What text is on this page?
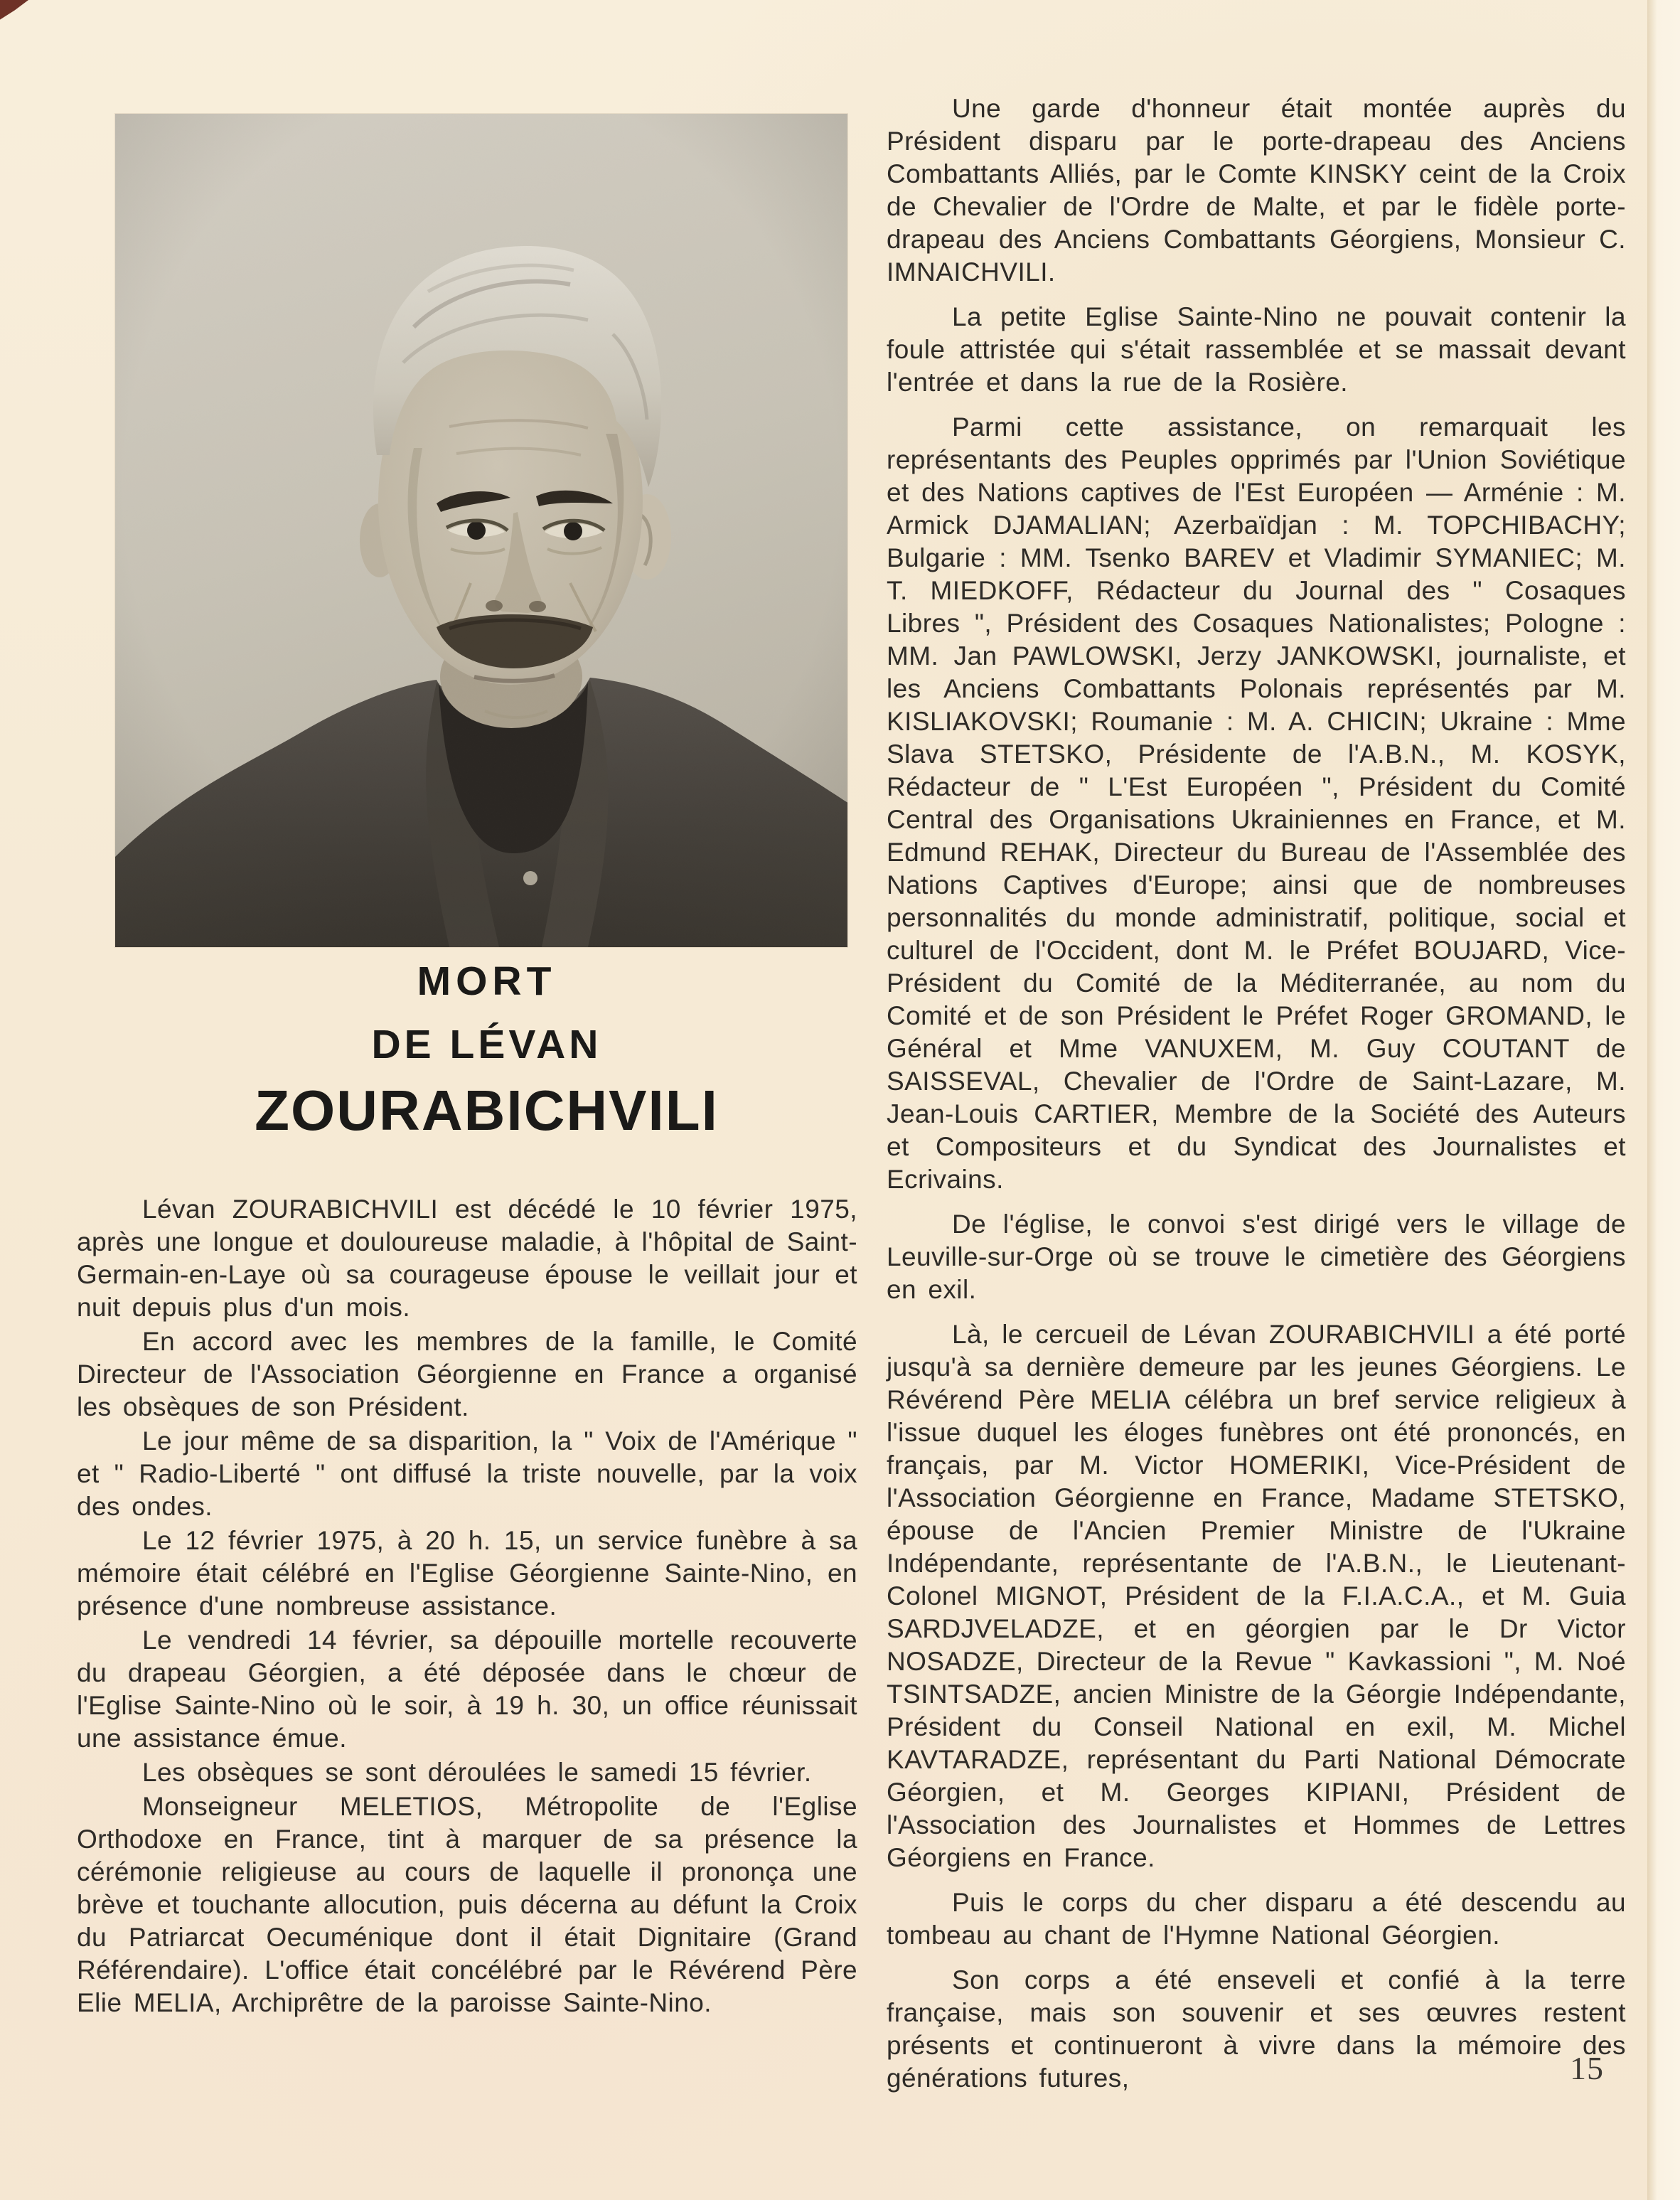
MORT
DE LÉVAN
ZOURABICHVILI

Lévan ZOURABICHVILI est décédé le 10 février 1975, après une longue et douloureuse maladie, à l'hôpital de Saint-Germain-en-Laye où sa courageuse épouse le veillait jour et nuit depuis plus d'un mois.

En accord avec les membres de la famille, le Comité Directeur de l'Association Géorgienne en France a organisé les obsèques de son Président.

Le jour même de sa disparition, la " Voix de l'Amérique " et " Radio-Liberté " ont diffusé la triste nouvelle, par la voix des ondes.

Le 12 février 1975, à 20 h. 15, un service funèbre à sa mémoire était célébré en l'Eglise Géorgienne Sainte-Nino, en présence d'une nombreuse assistance.

Le vendredi 14 février, sa dépouille mortelle recouverte du drapeau Géorgien, a été déposée dans le chœur de l'Eglise Sainte-Nino où le soir, à 19 h. 30, un office réunissait une assistance émue.

Les obsèques se sont déroulées le samedi 15 février.

Monseigneur MELETIOS, Métropolite de l'Eglise Orthodoxe en France, tint à marquer de sa présence la cérémonie religieuse au cours de laquelle il prononça une brève et touchante allocution, puis décerna au défunt la Croix du Patriarcat Oecuménique dont il était Dignitaire (Grand Référendaire). L'office était concélébré par le Révérend Père Elie MELIA, Archiprêtre de la paroisse Sainte-Nino.

Une garde d'honneur était montée auprès du Président disparu par le porte-drapeau des Anciens Combattants Alliés, par le Comte KINSKY ceint de la Croix de Chevalier de l'Ordre de Malte, et par le fidèle porte-drapeau des Anciens Combattants Géorgiens, Monsieur C. IMNAICHVILI.

La petite Eglise Sainte-Nino ne pouvait contenir la foule attristée qui s'était rassemblée et se massait devant l'entrée et dans la rue de la Rosière.

Parmi cette assistance, on remarquait les représentants des Peuples opprimés par l'Union Soviétique et des Nations captives de l'Est Européen — Arménie : M. Armick DJAMALIAN; Azerbaïdjan : M. TOPCHIBACHY; Bulgarie : MM. Tsenko BAREV et Vladimir SYMANIEC; M. T. MIEDKOFF, Rédacteur du Journal des " Cosaques Libres ", Président des Cosaques Nationalistes; Pologne : MM. Jan PAWLOWSKI, Jerzy JANKOWSKI, journaliste, et les Anciens Combattants Polonais représentés par M. KISLIAKOVSKI; Roumanie : M. A. CHICIN; Ukraine : Mme Slava STETSKO, Présidente de l'A.B.N., M. KOSYK, Rédacteur de " L'Est Européen ", Président du Comité Central des Organisations Ukrainiennes en France, et M. Edmund REHAK, Directeur du Bureau de l'Assemblée des Nations Captives d'Europe; ainsi que de nombreuses personnalités du monde administratif, politique, social et culturel de l'Occident, dont M. le Préfet BOUJARD, Vice-Président du Comité de la Méditerranée, au nom du Comité et de son Président le Préfet Roger GROMAND, le Général et Mme VANUXEM, M. Guy COUTANT de SAISSEVAL, Chevalier de l'Ordre de Saint-Lazare, M. Jean-Louis CARTIER, Membre de la Société des Auteurs et Compositeurs et du Syndicat des Journalistes et Ecrivains.

De l'église, le convoi s'est dirigé vers le village de Leuville-sur-Orge où se trouve le cimetière des Géorgiens en exil.

Là, le cercueil de Lévan ZOURABICHVILI a été porté jusqu'à sa dernière demeure par les jeunes Géorgiens. Le Révérend Père MELIA célébra un bref service religieux à l'issue duquel les éloges funèbres ont été prononcés, en français, par M. Victor HOMERIKI, Vice-Président de l'Association Géorgienne en France, Madame STETSKO, épouse de l'Ancien Premier Ministre de l'Ukraine Indépendante, représentante de l'A.B.N., le Lieutenant-Colonel MIGNOT, Président de la F.I.A.C.A., et M. Guia SARDJVELADZE, et en géorgien par le Dr Victor NOSADZE, Directeur de la Revue " Kavkassioni ", M. Noé TSINTSADZE, ancien Ministre de la Géorgie Indépendante, Président du Conseil National en exil, M. Michel KAVTARADZE, représentant du Parti National Démocrate Géorgien, et M. Georges KIPIANI, Président de l'Association des Journalistes et Hommes de Lettres Géorgiens en France.

Puis le corps du cher disparu a été descendu au tombeau au chant de l'Hymne National Géorgien.

Son corps a été enseveli et confié à la terre française, mais son souvenir et ses œuvres restent présents et continueront à vivre dans la mémoire des générations futures,	15
